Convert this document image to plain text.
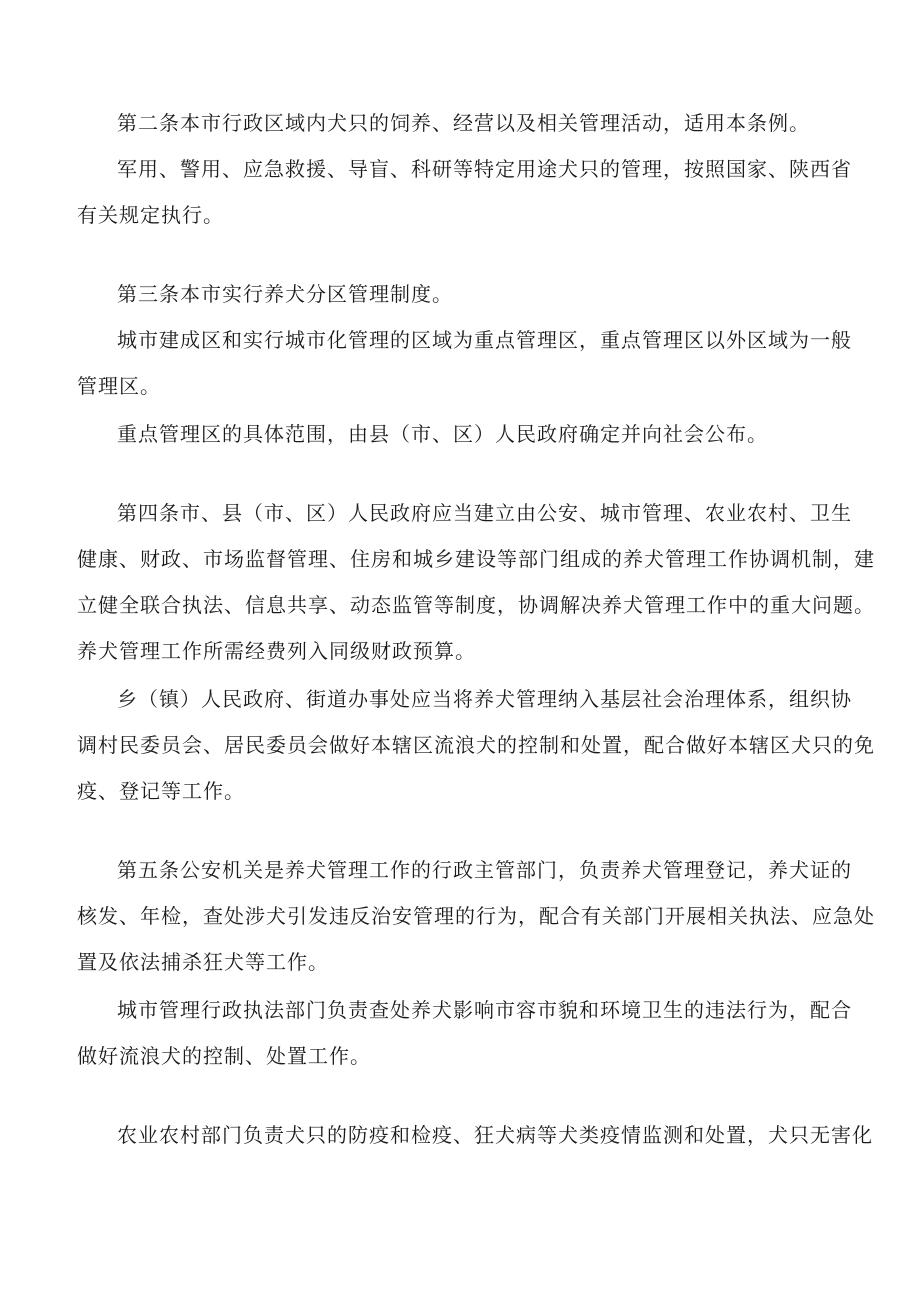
第二条本市行政区域内犬只的饲养、经营以及相关管理活动，适用本条例。
军用、警用、应急救援、导盲、科研等特定用途犬只的管理，按照国家、陕西省
有关规定执行。
第三条本市实行养犬分区管理制度。
城市建成区和实行城市化管理的区域为重点管理区，重点管理区以外区域为一般
管理区。
重点管理区的具体范围，由县（市、区）人民政府确定并向社会公布。
第四条市、县（市、区）人民政府应当建立由公安、城市管理、农业农村、卫生
健康、财政、市场监督管理、住房和城乡建设等部门组成的养犬管理工作协调机制，建
立健全联合执法、信息共享、动态监管等制度，协调解决养犬管理工作中的重大问题。
养犬管理工作所需经费列入同级财政预算。
乡（镇）人民政府、街道办事处应当将养犬管理纳入基层社会治理体系，组织协
调村民委员会、居民委员会做好本辖区流浪犬的控制和处置，配合做好本辖区犬只的免
疫、登记等工作。
第五条公安机关是养犬管理工作的行政主管部门，负责养犬管理登记，养犬证的
核发、年检，查处涉犬引发违反治安管理的行为，配合有关部门开展相关执法、应急处
置及依法捕杀狂犬等工作。
城市管理行政执法部门负责查处养犬影响市容市貌和环境卫生的违法行为，配合
做好流浪犬的控制、处置工作。
农业农村部门负责犬只的防疫和检疫、狂犬病等犬类疫情监测和处置，犬只无害化
